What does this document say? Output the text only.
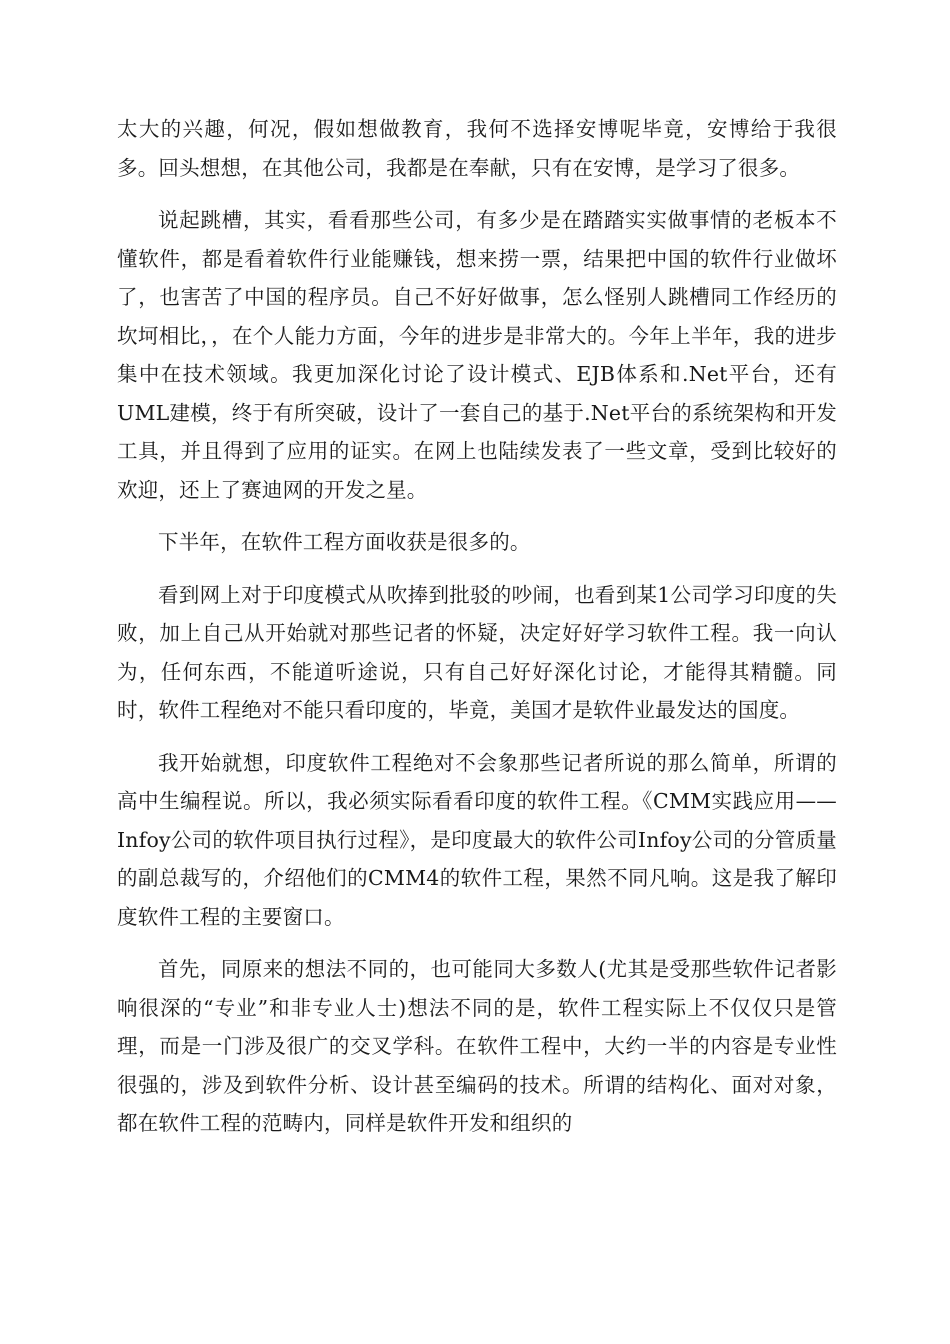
太大的兴趣，何况，假如想做教育，我何不选择安博呢毕竟，安博给于我很多。回头想想，在其他公司，我都是在奉献，只有在安博，是学习了很多。

说起跳槽，其实，看看那些公司，有多少是在踏踏实实做事情的老板本不懂软件，都是看着软件行业能赚钱，想来捞一票，结果把中国的软件行业做坏了，也害苦了中国的程序员。自己不好好做事，怎么怪别人跳槽同工作经历的坎坷相比，，在个人能力方面，今年的进步是非常大的。今年上半年，我的进步集中在技术领域。我更加深化讨论了设计模式、EJB体系和.Net平台，还有UML建模，终于有所突破，设计了一套自己的基于.Net平台的系统架构和开发工具，并且得到了应用的证实。在网上也陆续发表了一些文章，受到比较好的欢迎，还上了赛迪网的开发之星。

下半年，在软件工程方面收获是很多的。

看到网上对于印度模式从吹捧到批驳的吵闹，也看到某1公司学习印度的失败，加上自己从开始就对那些记者的怀疑，决定好好学习软件工程。我一向认为，任何东西，不能道听途说，只有自己好好深化讨论，才能得其精髓。同时，软件工程绝对不能只看印度的，毕竟，美国才是软件业最发达的国度。

我开始就想，印度软件工程绝对不会象那些记者所说的那么简单，所谓的高中生编程说。所以，我必须实际看看印度的软件工程。《CMM实践应用——Infoy公司的软件项目执行过程》，是印度最大的软件公司Infoy公司的分管质量的副总裁写的，介绍他们的CMM4的软件工程，果然不同凡响。这是我了解印度软件工程的主要窗口。

首先，同原来的想法不同的，也可能同大多数人(尤其是受那些软件记者影响很深的“专业”和非专业人士)想法不同的是，软件工程实际上不仅仅只是管理，而是一门涉及很广的交叉学科。在软件工程中，大约一半的内容是专业性很强的，涉及到软件分析、设计甚至编码的技术。所谓的结构化、面对对象，都在软件工程的范畴内，同样是软件开发和组织的
